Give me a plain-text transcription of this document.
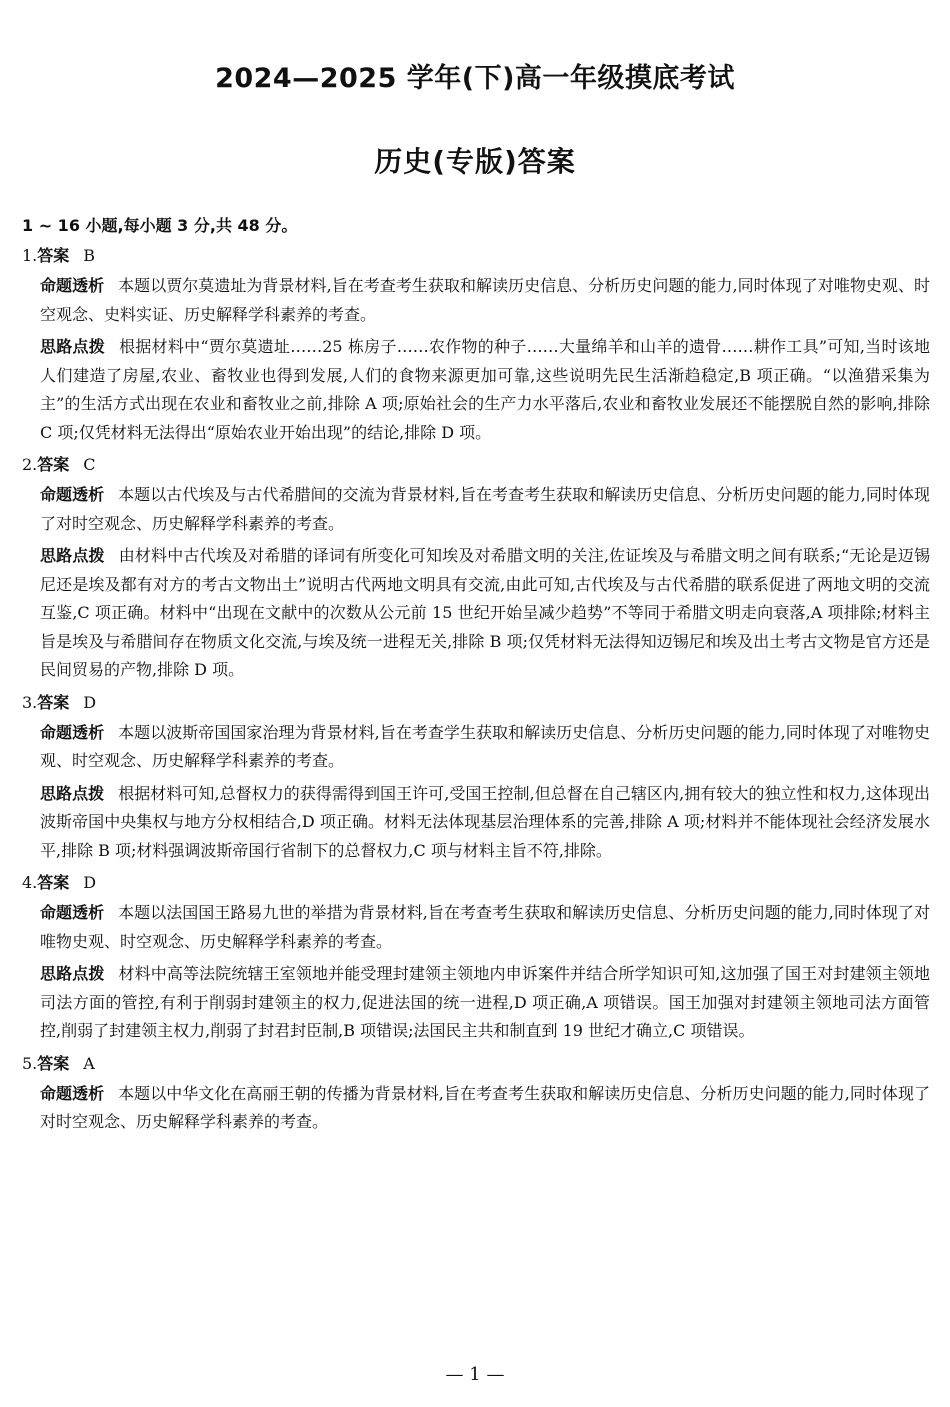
2024—2025 学年(下)高一年级摸底考试
历史(专版)答案
1 ~ 16 小题,每小题 3 分,共 48 分。
1.答案 B
命题透析 本题以贾尔莫遗址为背景材料,旨在考查考生获取和解读历史信息、分析历史问题的能力,同时体现了对唯物史观、时空观念、史料实证、历史解释学科素养的考查。
思路点拨 根据材料中“贾尔莫遗址……25 栋房子……农作物的种子……大量绵羊和山羊的遗骨……耕作工具”可知,当时该地人们建造了房屋,农业、畜牧业也得到发展,人们的食物来源更加可靠,这些说明先民生活渐趋稳定,B 项正确。“以渔猎采集为主”的生活方式出现在农业和畜牧业之前,排除 A 项;原始社会的生产力水平落后,农业和畜牧业发展还不能摆脱自然的影响,排除 C 项;仅凭材料无法得出“原始农业开始出现”的结论,排除 D 项。
2.答案 C
命题透析 本题以古代埃及与古代希腊间的交流为背景材料,旨在考查考生获取和解读历史信息、分析历史问题的能力,同时体现了对时空观念、历史解释学科素养的考查。
思路点拨 由材料中古代埃及对希腊的译词有所变化可知埃及对希腊文明的关注,佐证埃及与希腊文明之间有联系;“无论是迈锡尼还是埃及都有对方的考古文物出土”说明古代两地文明具有交流,由此可知,古代埃及与古代希腊的联系促进了两地文明的交流互鉴,C 项正确。材料中“出现在文献中的次数从公元前 15 世纪开始呈减少趋势”不等同于希腊文明走向衰落,A 项排除;材料主旨是埃及与希腊间存在物质文化交流,与埃及统一进程无关,排除 B 项;仅凭材料无法得知迈锡尼和埃及出土考古文物是官方还是民间贸易的产物,排除 D 项。
3.答案 D
命题透析 本题以波斯帝国国家治理为背景材料,旨在考查学生获取和解读历史信息、分析历史问题的能力,同时体现了对唯物史观、时空观念、历史解释学科素养的考查。
思路点拨 根据材料可知,总督权力的获得需得到国王许可,受国王控制,但总督在自己辖区内,拥有较大的独立性和权力,这体现出波斯帝国中央集权与地方分权相结合,D 项正确。材料无法体现基层治理体系的完善,排除 A 项;材料并不能体现社会经济发展水平,排除 B 项;材料强调波斯帝国行省制下的总督权力,C 项与材料主旨不符,排除。
4.答案 D
命题透析 本题以法国国王路易九世的举措为背景材料,旨在考查考生获取和解读历史信息、分析历史问题的能力,同时体现了对唯物史观、时空观念、历史解释学科素养的考查。
思路点拨 材料中高等法院统辖王室领地并能受理封建领主领地内申诉案件并结合所学知识可知,这加强了国王对封建领主领地司法方面的管控,有利于削弱封建领主的权力,促进法国的统一进程,D 项正确,A 项错误。国王加强对封建领主领地司法方面管控,削弱了封建领主权力,削弱了封君封臣制,B 项错误;法国民主共和制直到 19 世纪才确立,C 项错误。
5.答案 A
命题透析 本题以中华文化在高丽王朝的传播为背景材料,旨在考查考生获取和解读历史信息、分析历史问题的能力,同时体现了对时空观念、历史解释学科素养的考查。
— 1 —
